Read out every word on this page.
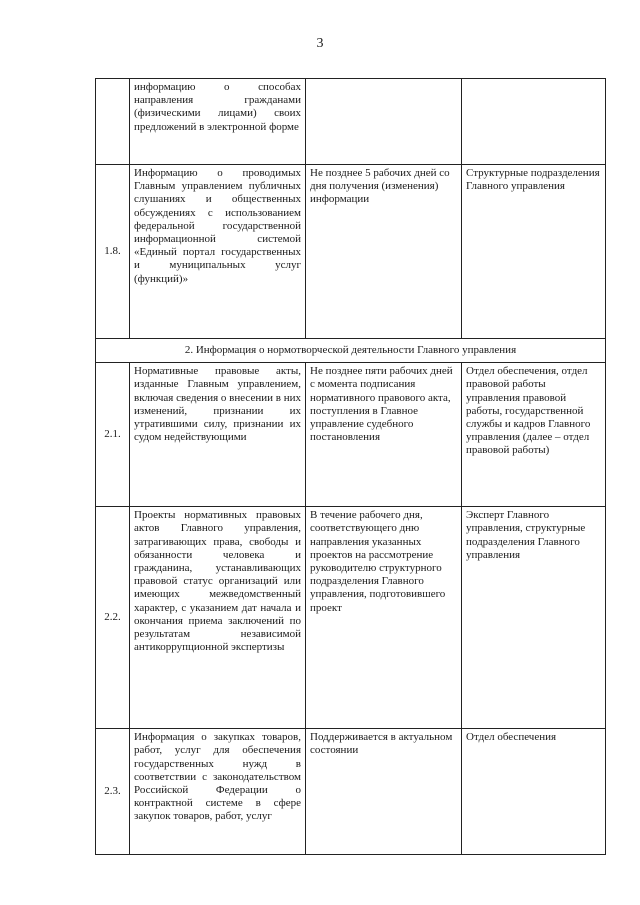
3
	информацию о способах направления гражданами (физическими лицами) своих предложений в электронной форме		
1.8.	Информацию о проводимых Главным управлением публичных слушаниях и общественных обсуждениях с использованием федеральной государственной информационной системой «Единый портал государственных и муниципальных услуг (функций)»	Не позднее 5 рабочих дней со дня получения (изменения) информации	Структурные подразделения Главного управления
2. Информация о нормотворческой деятельности Главного управления			
2.1.	Нормативные правовые акты, изданные Главным управлением, включая сведения о внесении в них изменений, признании их утратившими силу, признании их судом недействующими	Не позднее пяти рабочих дней с момента подписания нормативного правового акта, поступления в Главное управление судебного постановления	Отдел обеспечения, отдел правовой работы управления правовой работы, государственной службы и кадров Главного управления (далее – отдел правовой работы)
2.2.	Проекты нормативных правовых актов Главного управления, затрагивающих права, свободы и обязанности человека и гражданина, устанавливающих правовой статус организаций или имеющих межведомственный характер, с указанием дат начала и окончания приема заключений по результатам независимой антикоррупционной экспертизы	В течение рабочего дня, соответствующего дню направления указанных проектов на рассмотрение руководителю структурного подразделения Главного управления, подготовившего проект	Эксперт Главного управления, структурные подразделения Главного управления
2.3.	Информация о закупках товаров, работ, услуг для обеспечения государственных нужд в соответствии с законодательством Российской Федерации о контрактной системе в сфере закупок товаров, работ, услуг	Поддерживается в актуальном состоянии	Отдел обеспечения
